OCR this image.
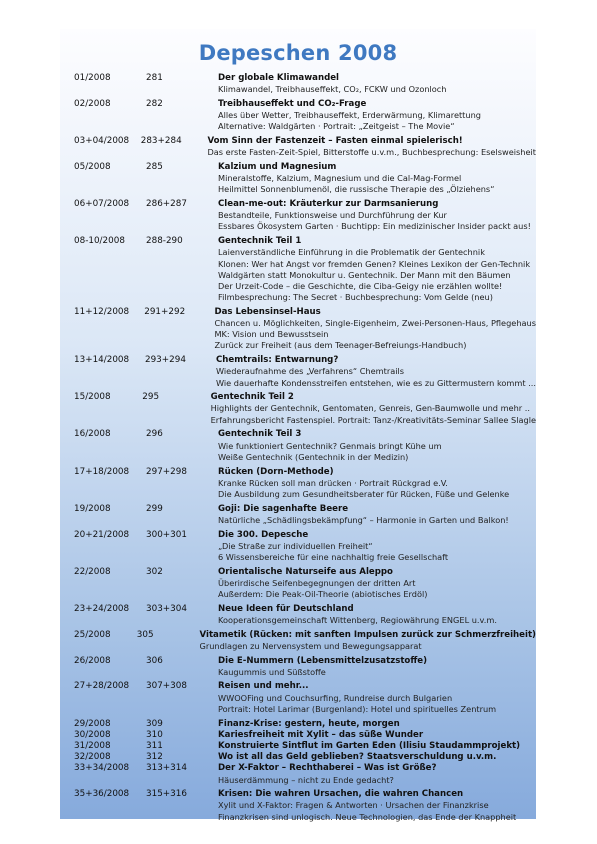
Depeschen 2008
01/2008	281	Der globale Klimawandel
Klimawandel, Treibhauseffekt, CO₂, FCKW und Ozonloch
02/2008	282	Treibhauseffekt und CO₂-Frage
Alles über Wetter, Treibhauseffekt, Erderwärmung, Klimarettung
Alternative: Waldgärten · Portrait: „Zeitgeist – The Movie“
03+04/2008	283+284	Vom Sinn der Fastenzeit – Fasten einmal spielerisch!
Das erste Fasten-Zeit-Spiel, Bitterstoffe u.v.m., Buchbesprechung: Eselsweisheit
05/2008	285	Kalzium und Magnesium
Mineralstoffe, Kalzium, Magnesium und die Cal-Mag-Formel
Heilmittel Sonnenblumenöl, die russische Therapie des „Ölziehens“
06+07/2008	286+287	Clean-me-out: Kräuterkur zur Darmsanierung
Bestandteile, Funktionsweise und Durchführung der Kur
Essbares Ökosystem Garten · Buchtipp: Ein medizinischer Insider packt aus!
08-10/2008	288-290	Gentechnik Teil 1
Laienverständliche Einführung in die Problematik der Gentechnik
Klonen: Wer hat Angst vor fremden Genen? Kleines Lexikon der Gen-Technik
Waldgärten statt Monokultur u. Gentechnik. Der Mann mit den Bäumen
Der Urzeit-Code – die Geschichte, die Ciba-Geigy nie erzählen wollte!
Filmbesprechung: The Secret · Buchbesprechung: Vom Gelde (neu)
11+12/2008	291+292	Das Lebensinsel-Haus
Chancen u. Möglichkeiten, Single-Eigenheim, Zwei-Personen-Haus, Pflegehaus
MK: Vision und Bewusstsein
Zurück zur Freiheit (aus dem Teenager-Befreiungs-Handbuch)
13+14/2008	293+294	Chemtrails: Entwarnung?
Wiederaufnahme des „Verfahrens“ Chemtrails
Wie dauerhafte Kondensstreifen entstehen, wie es zu Gittermustern kommt ...
15/2008	295	Gentechnik Teil 2
Highlights der Gentechnik, Gentomaten, Genreis, Gen-Baumwolle und mehr ..
Erfahrungsbericht Fastenspiel. Portrait: Tanz-/Kreativitäts-Seminar Sallee Slagle
16/2008	296	Gentechnik Teil 3
Wie funktioniert Gentechnik? Genmais bringt Kühe um
Weiße Gentechnik (Gentechnik in der Medizin)
17+18/2008	297+298	Rücken (Dorn-Methode)
Kranke Rücken soll man drücken · Portrait Rückgrad e.V.
Die Ausbildung zum Gesundheitsberater für Rücken, Füße und Gelenke
19/2008	299	Goji: Die sagenhafte Beere
Natürliche „Schädlingsbekämpfung“ – Harmonie in Garten und Balkon!
20+21/2008	300+301	Die 300. Depesche
„Die Straße zur individuellen Freiheit“
6 Wissensbereiche für eine nachhaltig freie Gesellschaft
22/2008	302	Orientalische Naturseife aus Aleppo
Überirdische Seifenbegegnungen der dritten Art
Außerdem: Die Peak-Oil-Theorie (abiotisches Erdöl)
23+24/2008	303+304	Neue Ideen für Deutschland
Kooperationsgemeinschaft Wittenberg, Regiowährung ENGEL u.v.m.
25/2008	305	Vitametik (Rücken: mit sanften Impulsen zurück zur Schmerzfreiheit)
Grundlagen zu Nervensystem und Bewegungsapparat
26/2008	306	Die E-Nummern (Lebensmittelzusatzstoffe)
Kaugummis und Süßstoffe
27+28/2008	307+308	Reisen und mehr...
WWOOFing und Couchsurfing, Rundreise durch Bulgarien
Portrait: Hotel Larimar (Burgenland): Hotel und spirituelles Zentrum
29/2008	309	Finanz-Krise: gestern, heute, morgen
30/2008	310	Kariesfreiheit mit Xylit – das süße Wunder
31/2008	311	Konstruierte Sintflut im Garten Eden (Ilisiu Staudammprojekt)
32/2008	312	Wo ist all das Geld geblieben? Staatsverschuldung u.v.m.
33+34/2008	313+314	Der X-Faktor – Rechthaberei – Was ist Größe?
Häuserdämmung – nicht zu Ende gedacht?
35+36/2008	315+316	Krisen: Die wahren Ursachen, die wahren Chancen
Xylit und X-Faktor: Fragen & Antworten · Ursachen der Finanzkrise
Finanzkrisen sind unlogisch. Neue Technologien, das Ende der Knappheit
